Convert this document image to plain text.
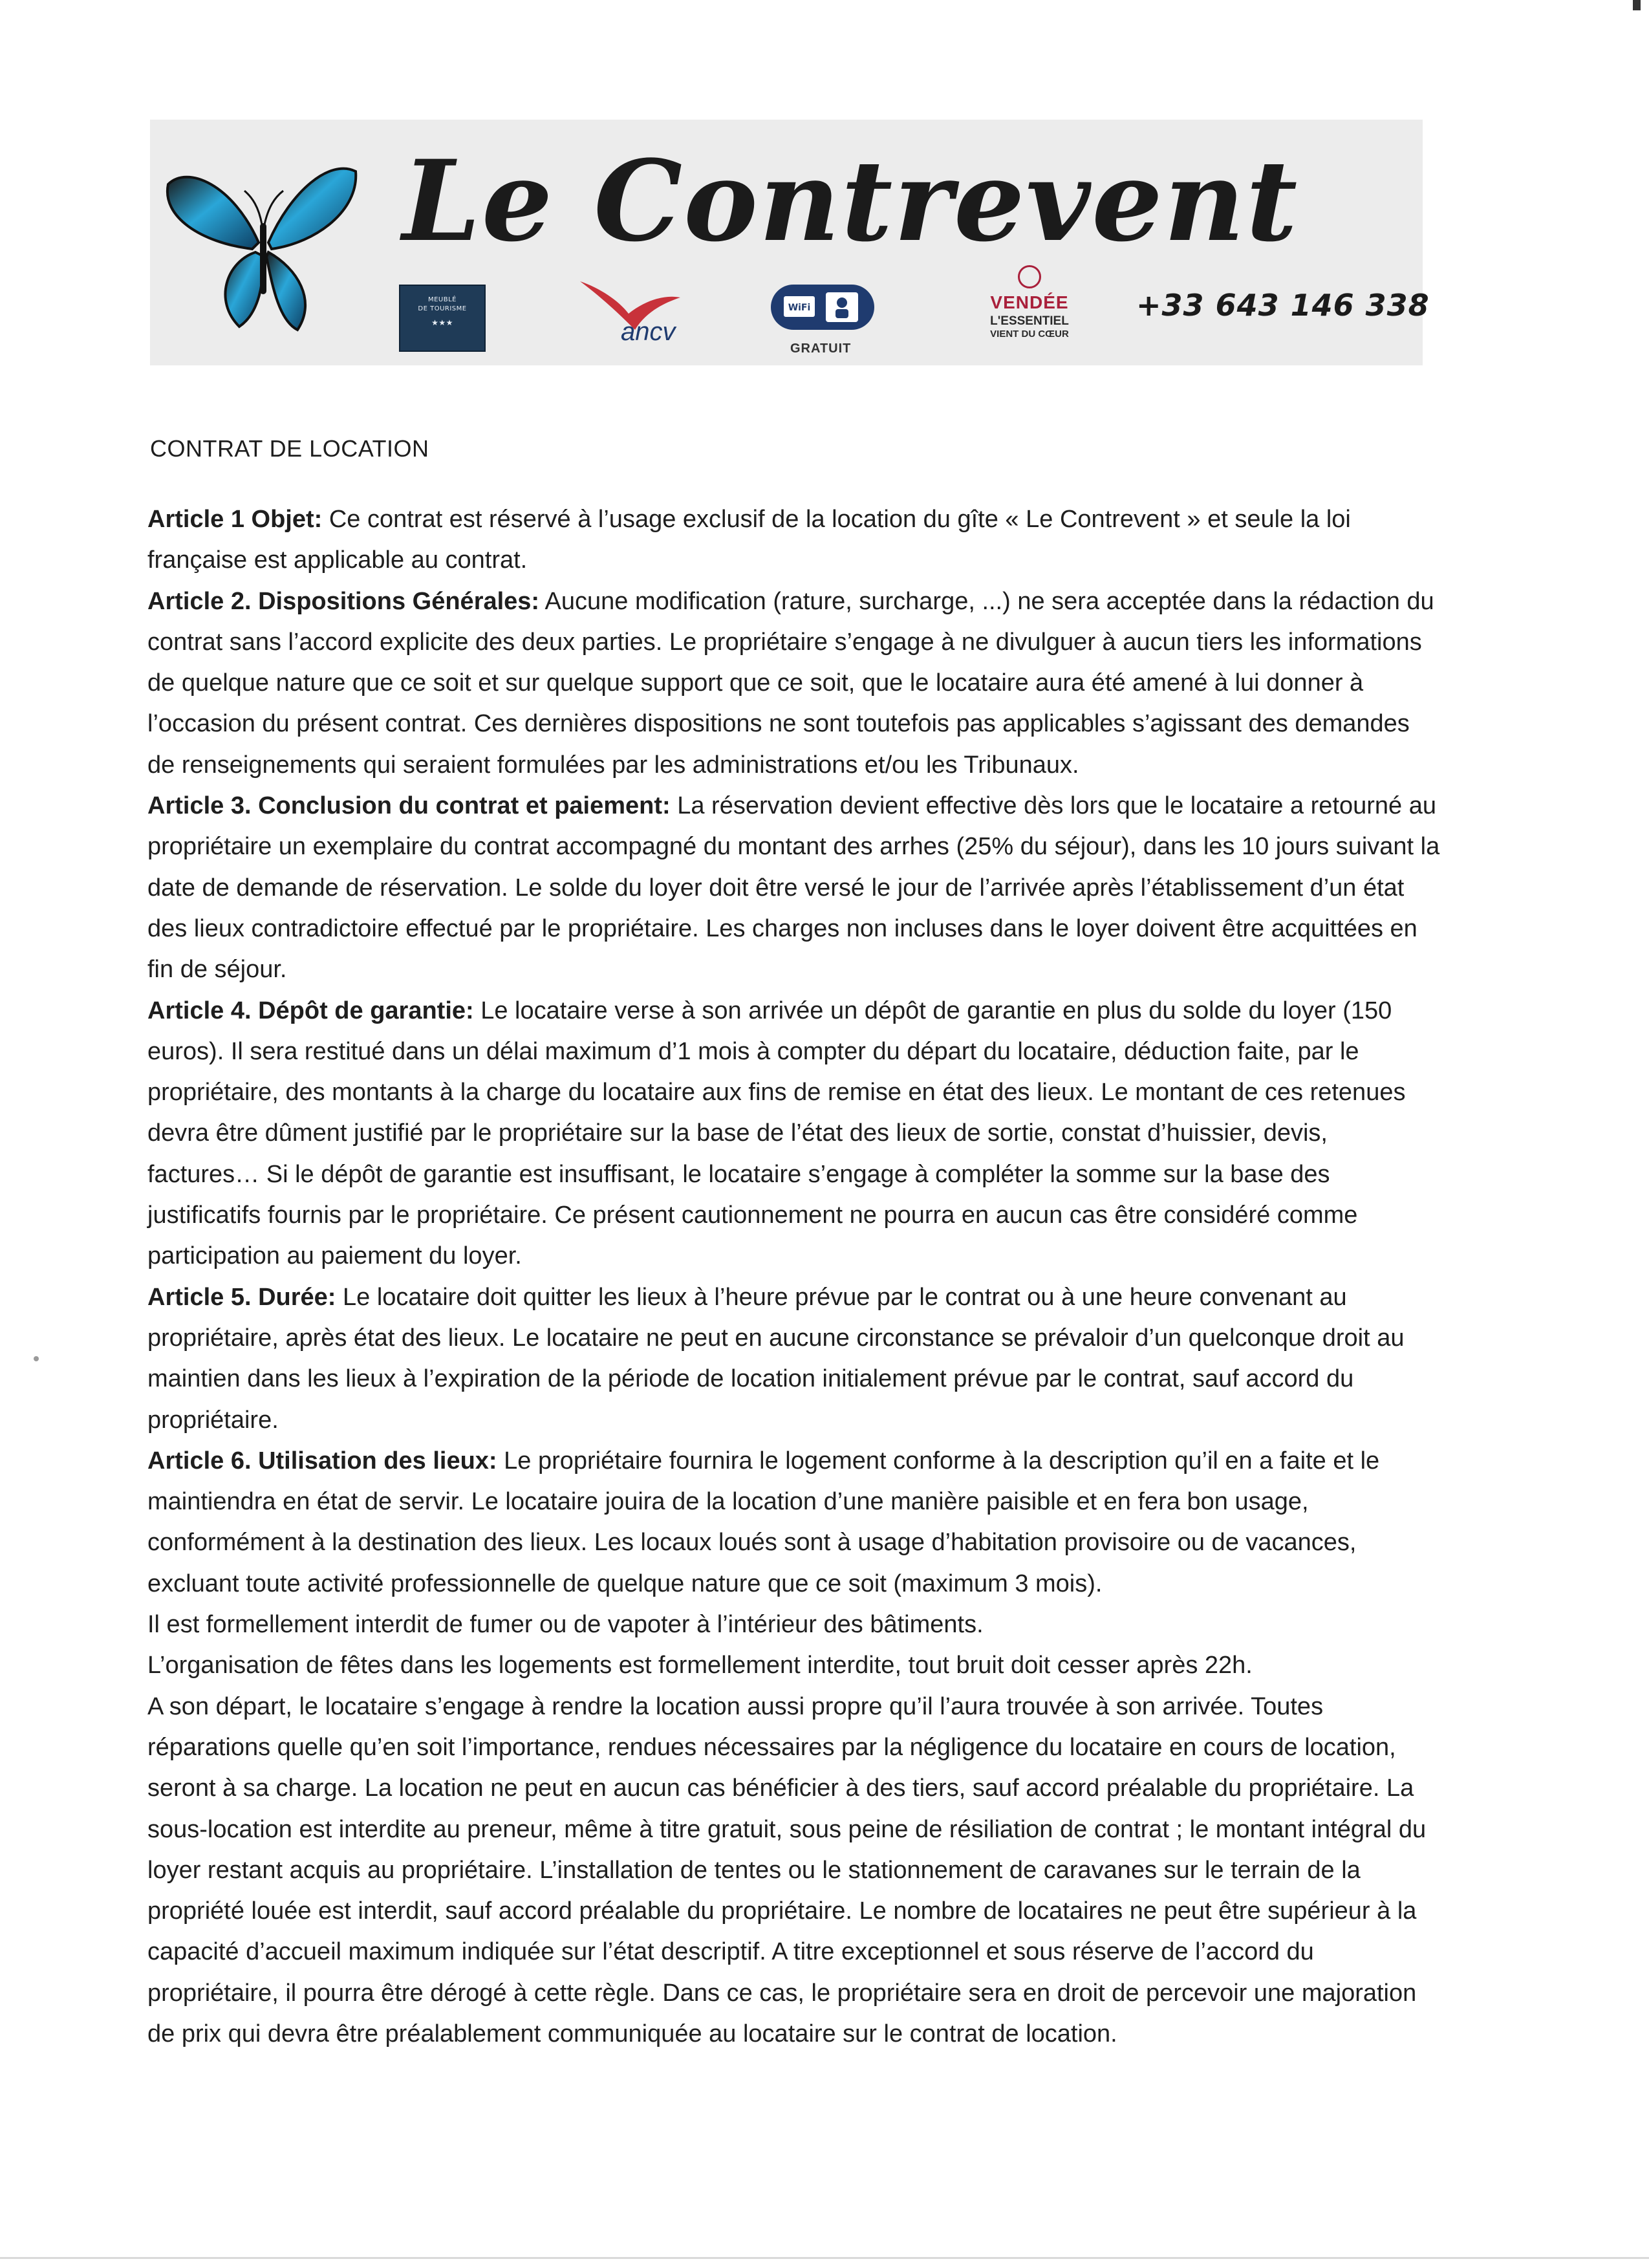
Le Contrevent
MEUBLÉ
DE TOURISME
★★★	ancv
WiFi
GRATUIT
VENDÉE
L'ESSENTIEL
VIENT DU CŒUR
+33 643 146 338
CONTRAT DE LOCATION

Article 1 Objet: Ce contrat est réservé à l’usage exclusif de la location du gîte « Le Contrevent » et seule la loi française est applicable au contrat.

Article 2. Dispositions Générales: Aucune modification (rature, surcharge, ...) ne sera acceptée dans la rédaction du contrat sans l’accord explicite des deux parties. Le propriétaire s’engage à ne divulguer à aucun tiers les informations de quelque nature que ce soit et sur quelque support que ce soit, que le locataire aura été amené à lui donner à l’occasion du présent contrat. Ces dernières dispositions ne sont toutefois pas applicables s’agissant des demandes de renseignements qui seraient formulées par les administrations et/ou les Tribunaux.

Article 3. Conclusion du contrat et paiement: La réservation devient effective dès lors que le locataire a retourné au propriétaire un exemplaire du contrat accompagné du montant des arrhes (25% du séjour), dans les 10 jours suivant la date de demande de réservation. Le solde du loyer doit être versé le jour de l’arrivée après l’établissement d’un état des lieux contradictoire effectué par le propriétaire. Les charges non incluses dans le loyer doivent être acquittées en fin de séjour.

Article 4. Dépôt de garantie: Le locataire verse à son arrivée un dépôt de garantie en plus du solde du loyer (150 euros). Il sera restitué dans un délai maximum d’1 mois à compter du départ du locataire, déduction faite, par le propriétaire, des montants à la charge du locataire aux fins de remise en état des lieux. Le montant de ces retenues devra être dûment justifié par le propriétaire sur la base de l’état des lieux de sortie, constat d’huissier, devis, factures… Si le dépôt de garantie est insuffisant, le locataire s’engage à compléter la somme sur la base des justificatifs fournis par le propriétaire. Ce présent cautionnement ne pourra en aucun cas être considéré comme participation au paiement du loyer.

Article 5. Durée: Le locataire doit quitter les lieux à l’heure prévue par le contrat ou à une heure convenant au propriétaire, après état des lieux. Le locataire ne peut en aucune circonstance se prévaloir d’un quelconque droit au maintien dans les lieux à l’expiration de la période de location initialement prévue par le contrat, sauf accord du propriétaire.

Article 6. Utilisation des lieux: Le propriétaire fournira le logement conforme à la description qu’il en a faite et le maintiendra en état de servir. Le locataire jouira de la location d’une manière paisible et en fera bon usage, conformément à la destination des lieux. Les locaux loués sont à usage d’habitation provisoire ou de vacances, excluant toute activité professionnelle de quelque nature que ce soit (maximum 3 mois).

Il est formellement interdit de fumer ou de vapoter à l’intérieur des bâtiments.

L’organisation de fêtes dans les logements est formellement interdite, tout bruit doit cesser après 22h.

A son départ, le locataire s’engage à rendre la location aussi propre qu’il l’aura trouvée à son arrivée. Toutes réparations quelle qu’en soit l’importance, rendues nécessaires par la négligence du locataire en cours de location, seront à sa charge. La location ne peut en aucun cas bénéficier à des tiers, sauf accord préalable du propriétaire. La sous-location est interdite au preneur, même à titre gratuit, sous peine de résiliation de contrat ; le montant intégral du loyer restant acquis au propriétaire. L’installation de tentes ou le stationnement de caravanes sur le terrain de la propriété louée est interdit, sauf accord préalable du propriétaire. Le nombre de locataires ne peut être supérieur à la capacité d’accueil maximum indiquée sur l’état descriptif. A titre exceptionnel et sous réserve de l’accord du propriétaire, il pourra être dérogé à cette règle. Dans ce cas, le propriétaire sera en droit de percevoir une majoration de prix qui devra être préalablement communiquée au locataire sur le contrat de location.
